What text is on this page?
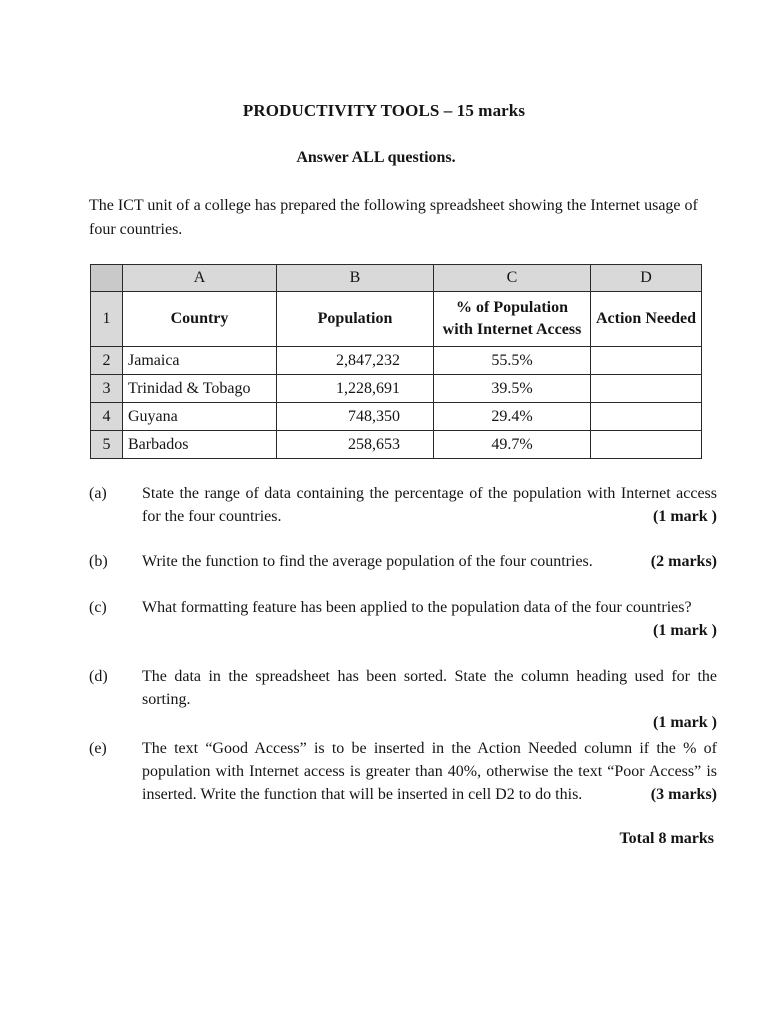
PRODUCTIVITY TOOLS – 15 marks
Answer ALL questions.
The ICT unit of a college has prepared the following spreadsheet showing the Internet usage of four countries.
	A	B	C	D
1	Country	Population	% of Population
with Internet Access	Action Needed
2	Jamaica	2,847,232	55.5%	
3	Trinidad & Tobago	1,228,691	39.5%	
4	Guyana	748,350	29.4%	
5	Barbados	258,653	49.7%	
(a)	State the range of data containing the percentage of the population with Internet access for the four countries.	(1 mark )
(b)	Write the function to find the average population of the four countries.	(2 marks)
(c)	What formatting feature has been applied to the population data of the four countries?
(1 mark )
(d)	The data in the spreadsheet has been sorted. State the column heading used for the sorting.
(1 mark )
(e)	The text “Good Access” is to be inserted in the Action Needed column if the % of population with Internet access is greater than 40%, otherwise the text “Poor Access” is inserted. Write the function that will be inserted in cell D2 to do this.	(3 marks)
Total 8 marks
